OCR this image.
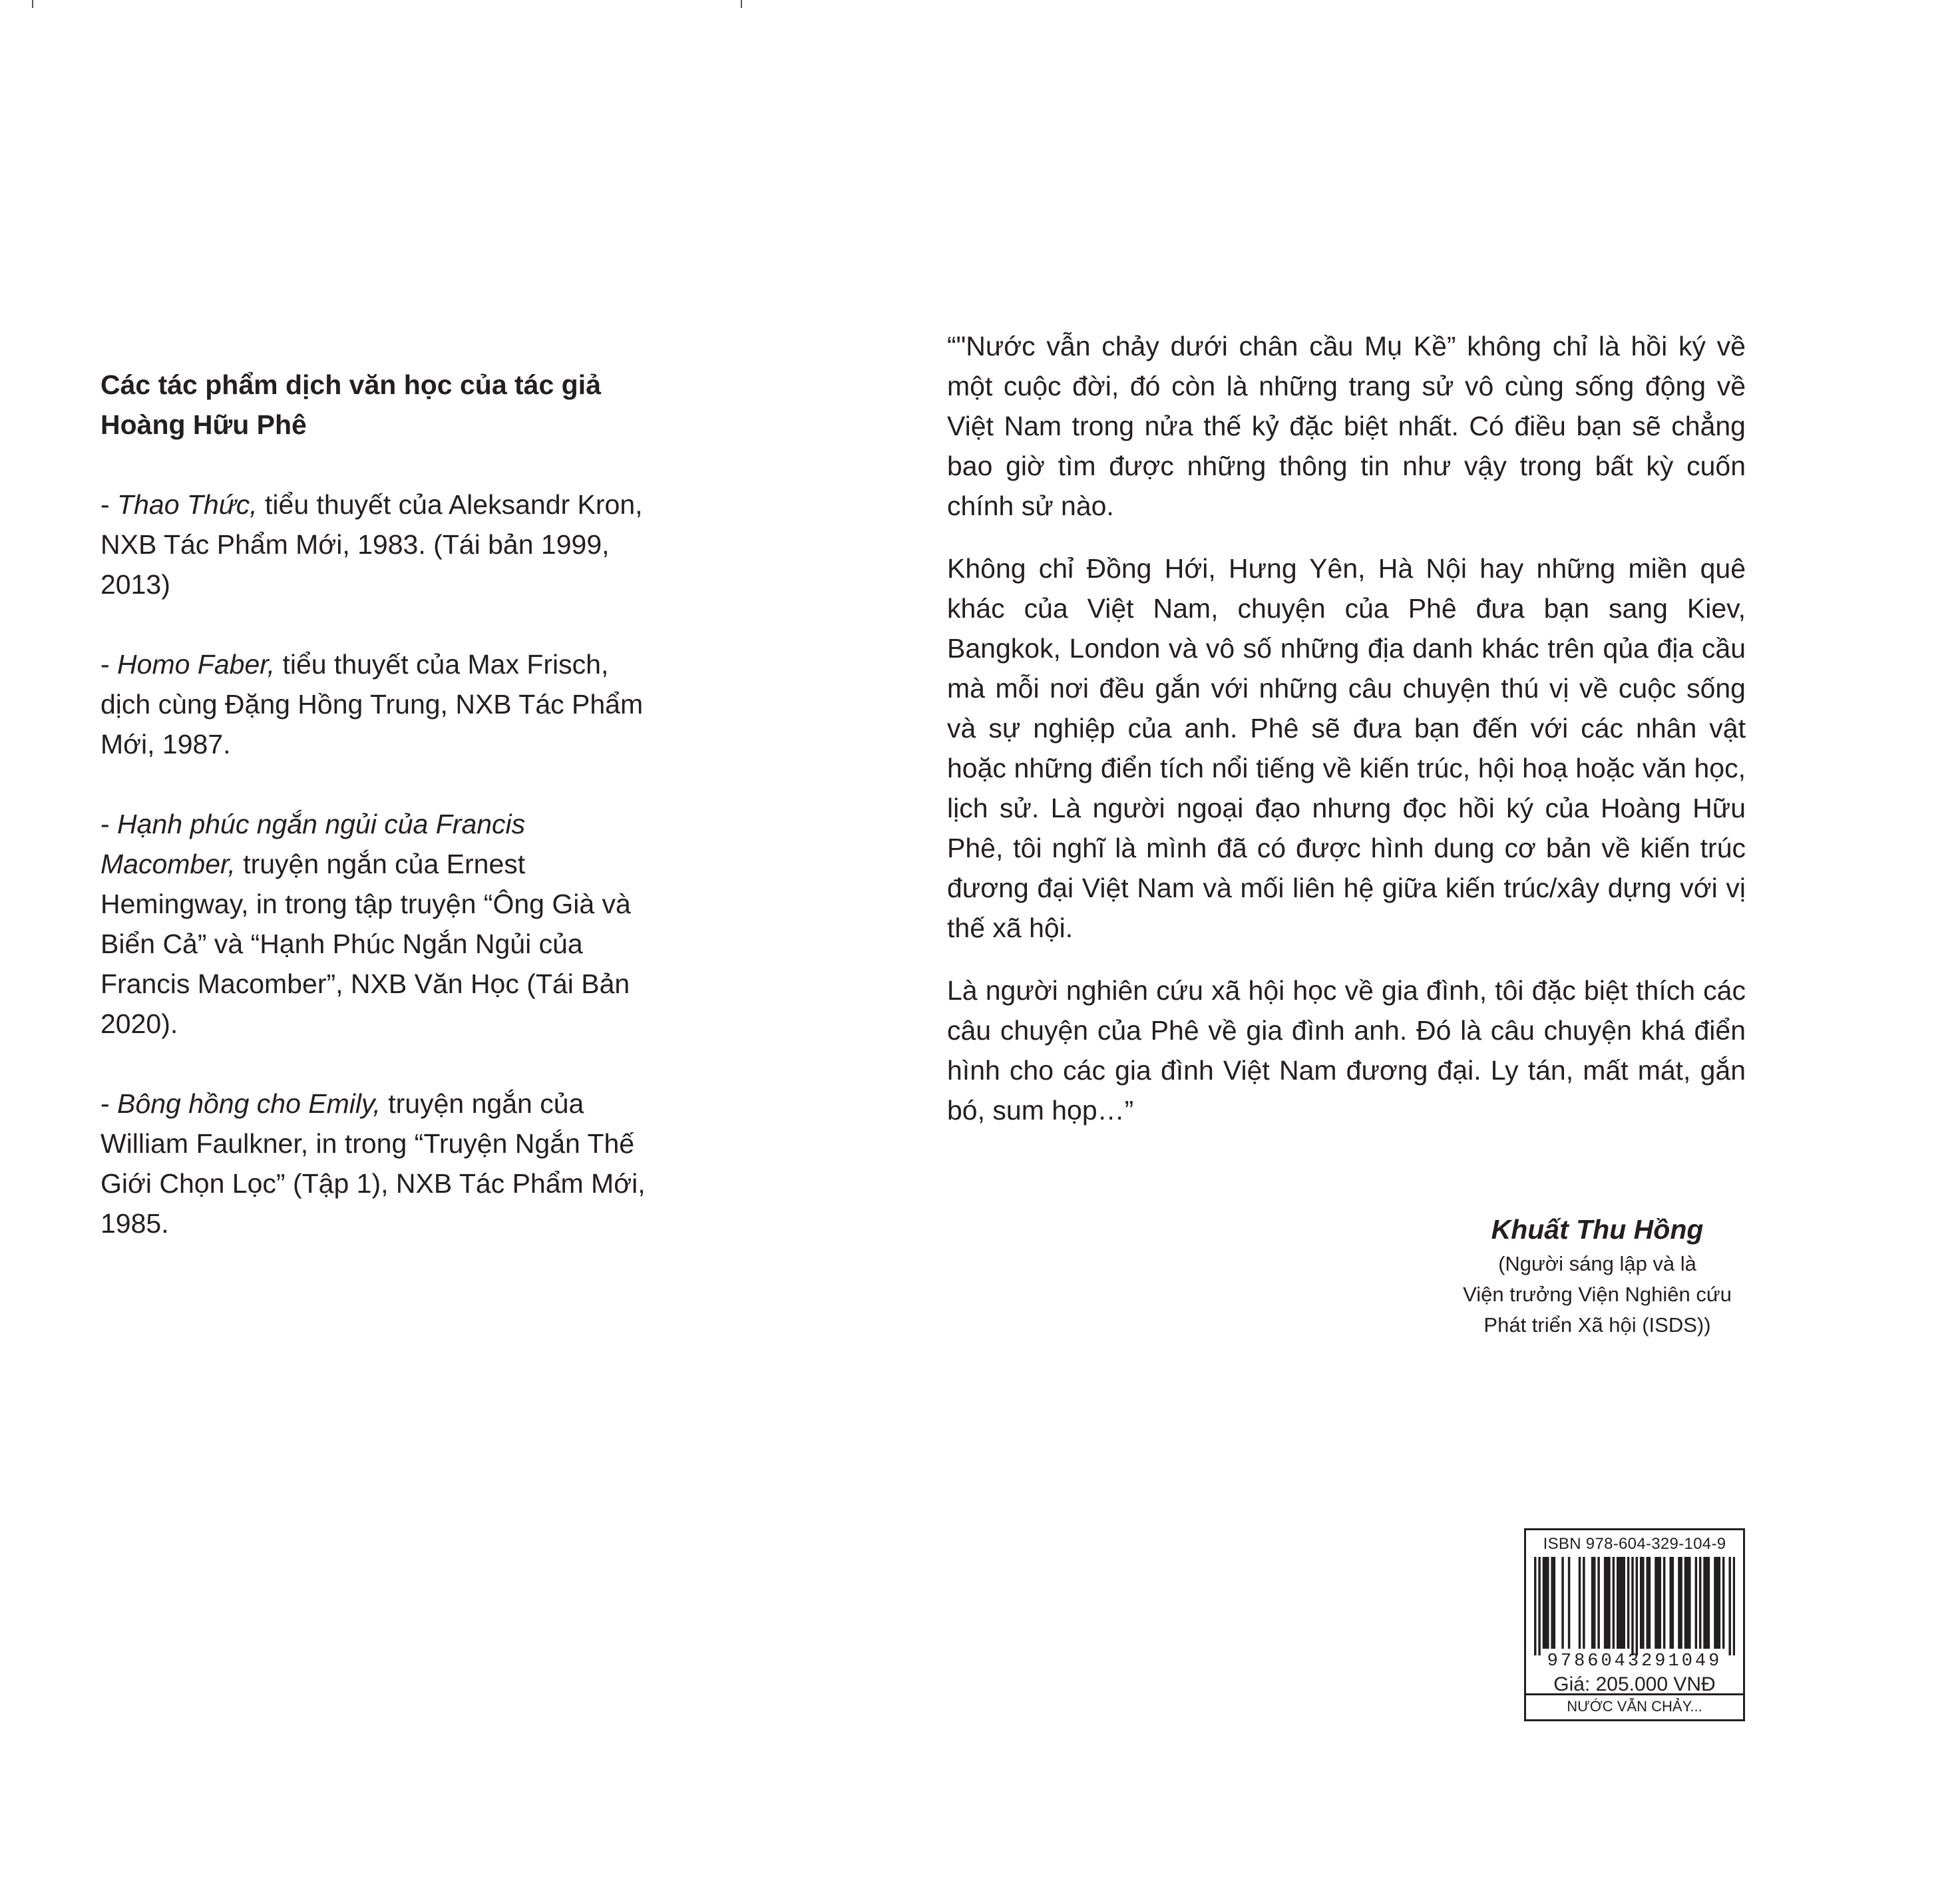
Các tác phẩm dịch văn học của tác giả Hoàng Hữu Phê

- Thao Thức, tiểu thuyết của Aleksandr Kron, NXB Tác Phẩm Mới, 1983. (Tái bản 1999, 2013)
- Homo Faber, tiểu thuyết của Max Frisch, dịch cùng Đặng Hồng Trung, NXB Tác Phẩm Mới, 1987.
- Hạnh phúc ngắn ngủi của Francis Macomber, truyện ngắn của Ernest Hemingway, in trong tập truyện “Ông Già và Biển Cả” và “Hạnh Phúc Ngắn Ngủi của Francis Macomber”, NXB Văn Học (Tái Bản 2020).
- Bông hồng cho Emily, truyện ngắn của William Faulkner, in trong “Truyện Ngắn Thế Giới Chọn Lọc” (Tập 1), NXB Tác Phẩm Mới, 1985.

“"Nước vẫn chảy dưới chân cầu Mụ Kề” không chỉ là hồi ký về một cuộc đời, đó còn là những trang sử vô cùng sống động về Việt Nam trong nửa thế kỷ đặc biệt nhất. Có điều bạn sẽ chẳng bao giờ tìm được những thông tin như vậy trong bất kỳ cuốn chính sử nào.

Không chỉ Đồng Hới, Hưng Yên, Hà Nội hay những miền quê khác của Việt Nam, chuyện của Phê đưa bạn sang Kiev, Bangkok, London và vô số những địa danh khác trên qủa địa cầu mà mỗi nơi đều gắn với những câu chuyện thú vị về cuộc sống và sự nghiệp của anh. Phê sẽ đưa bạn đến với các nhân vật hoặc những điển tích nổi tiếng về kiến trúc, hội hoạ hoặc văn học, lịch sử. Là người ngoại đạo nhưng đọc hồi ký của Hoàng Hữu Phê, tôi nghĩ là mình đã có được hình dung cơ bản về kiến trúc đương đại Việt Nam và mối liên hệ giữa kiến trúc/xây dựng với vị thế xã hội.

Là người nghiên cứu xã hội học về gia đình, tôi đặc biệt thích các câu chuyện của Phê về gia đình anh. Đó là câu chuyện khá điển hình cho các gia đình Việt Nam đương đại. Ly tán, mất mát, gắn bó, sum họp…”

Khuất Thu Hồng
(Người sáng lập và là
Viện trưởng Viện Nghiên cứu
Phát triển Xã hội (ISDS))
ISBN 978-604-329-104-9
9786043291049
Giá: 205.000 VNĐ
NƯỚC VẪN CHẢY...
